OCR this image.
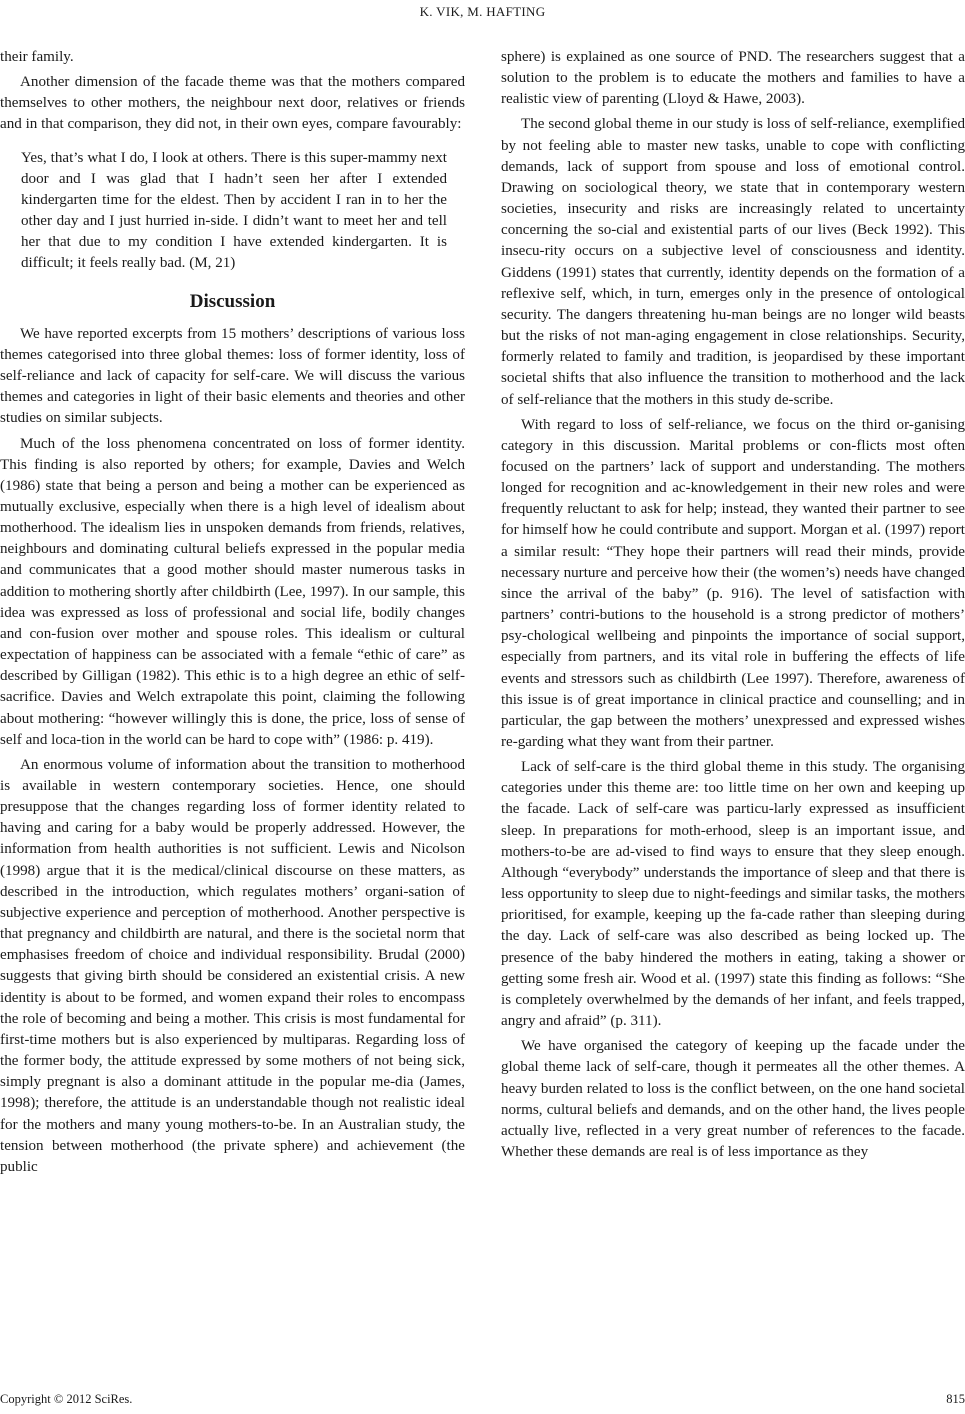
K. VIK, M. HAFTING

their family.

Another dimension of the facade theme was that the mothers compared themselves to other mothers, the neighbour next door, relatives or friends and in that comparison, they did not, in their own eyes, compare favourably:

Yes, that’s what I do, I look at others. There is this super-mammy next door and I was glad that I hadn’t seen her after I extended kindergarten time for the eldest. Then by accident I ran in to her the other day and I just hurried in-side. I didn’t want to meet her and tell her that due to my condition I have extended kindergarten. It is difficult; it feels really bad. (M, 21)
Discussion

We have reported excerpts from 15 mothers’ descriptions of various loss themes categorised into three global themes: loss of former identity, loss of self-reliance and lack of capacity for self-care. We will discuss the various themes and categories in light of their basic elements and theories and other studies on similar subjects.

Much of the loss phenomena concentrated on loss of former identity. This finding is also reported by others; for example, Davies and Welch (1986) state that being a person and being a mother can be experienced as mutually exclusive, especially when there is a high level of idealism about motherhood. The idealism lies in unspoken demands from friends, relatives, neighbours and dominating cultural beliefs expressed in the popular media and communicates that a good mother should master numerous tasks in addition to mothering shortly after childbirth (Lee, 1997). In our sample, this idea was expressed as loss of professional and social life, bodily changes and con-fusion over mother and spouse roles. This idealism or cultural expectation of happiness can be associated with a female “ethic of care” as described by Gilligan (1982). This ethic is to a high degree an ethic of self-sacrifice. Davies and Welch extrapolate this point, claiming the following about mothering: “however willingly this is done, the price, loss of sense of self and loca-tion in the world can be hard to cope with” (1986: p. 419).

An enormous volume of information about the transition to motherhood is available in western contemporary societies. Hence, one should presuppose that the changes regarding loss of former identity related to having and caring for a baby would be properly addressed. However, the information from health authorities is not sufficient. Lewis and Nicolson (1998) argue that it is the medical/clinical discourse on these matters, as described in the introduction, which regulates mothers’ organi-sation of subjective experience and perception of motherhood. Another perspective is that pregnancy and childbirth are natural, and there is the societal norm that emphasises freedom of choice and individual responsibility. Brudal (2000) suggests that giving birth should be considered an existential crisis. A new identity is about to be formed, and women expand their roles to encompass the role of becoming and being a mother. This crisis is most fundamental for first-time mothers but is also experienced by multiparas. Regarding loss of the former body, the attitude expressed by some mothers of not being sick, simply pregnant is also a dominant attitude in the popular me-dia (James, 1998); therefore, the attitude is an understandable though not realistic ideal for the mothers and many young mothers-to-be. In an Australian study, the tension between motherhood (the private sphere) and achievement (the public

sphere) is explained as one source of PND. The researchers suggest that a solution to the problem is to educate the mothers and families to have a realistic view of parenting (Lloyd & Hawe, 2003).

The second global theme in our study is loss of self-reliance, exemplified by not feeling able to master new tasks, unable to cope with conflicting demands, lack of support from spouse and loss of emotional control. Drawing on sociological theory, we state that in contemporary western societies, insecurity and risks are increasingly related to uncertainty concerning the so-cial and existential parts of our lives (Beck 1992). This insecu-rity occurs on a subjective level of consciousness and identity. Giddens (1991) states that currently, identity depends on the formation of a reflexive self, which, in turn, emerges only in the presence of ontological security. The dangers threatening hu-man beings are no longer wild beasts but the risks of not man-aging engagement in close relationships. Security, formerly related to family and tradition, is jeopardised by these important societal shifts that also influence the transition to motherhood and the lack of self-reliance that the mothers in this study de-scribe.

With regard to loss of self-reliance, we focus on the third or-ganising category in this discussion. Marital problems or con-flicts most often focused on the partners’ lack of support and understanding. The mothers longed for recognition and ac-knowledgement in their new roles and were frequently reluctant to ask for help; instead, they wanted their partner to see for himself how he could contribute and support. Morgan et al. (1997) report a similar result: “They hope their partners will read their minds, provide necessary nurture and perceive how their (the women’s) needs have changed since the arrival of the baby” (p. 916). The level of satisfaction with partners’ contri-butions to the household is a strong predictor of mothers’ psy-chological wellbeing and pinpoints the importance of social support, especially from partners, and its vital role in buffering the effects of life events and stressors such as childbirth (Lee 1997). Therefore, awareness of this issue is of great importance in clinical practice and counselling; and in particular, the gap between the mothers’ unexpressed and expressed wishes re-garding what they want from their partner.

Lack of self-care is the third global theme in this study. The organising categories under this theme are: too little time on her own and keeping up the facade. Lack of self-care was particu-larly expressed as insufficient sleep. In preparations for moth-erhood, sleep is an important issue, and mothers-to-be are ad-vised to find ways to ensure that they sleep enough. Although “everybody” understands the importance of sleep and that there is less opportunity to sleep due to night-feedings and similar tasks, the mothers prioritised, for example, keeping up the fa-cade rather than sleeping during the day. Lack of self-care was also described as being locked up. The presence of the baby hindered the mothers in eating, taking a shower or getting some fresh air. Wood et al. (1997) state this finding as follows: “She is completely overwhelmed by the demands of her infant, and feels trapped, angry and afraid” (p. 311).

We have organised the category of keeping up the facade under the global theme lack of self-care, though it permeates all the other themes. A heavy burden related to loss is the conflict between, on the one hand societal norms, cultural beliefs and demands, and on the other hand, the lives people actually live, reflected in a very great number of references to the facade. Whether these demands are real is of less importance as they

Copyright © 2012 SciRes.	815
